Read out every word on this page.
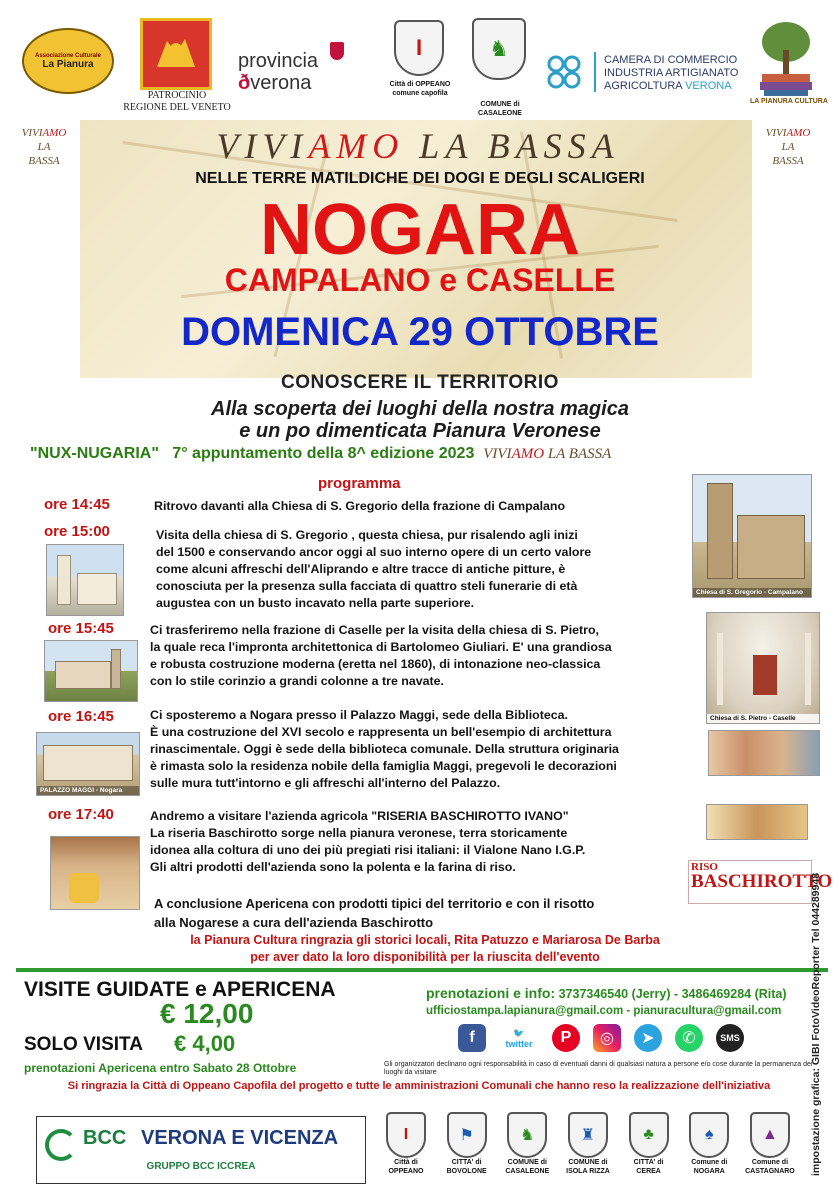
Associazione Culturale
La Pianura
PATROCINIO
REGIONE DEL VENETO
provincia
ðverona
I
Città di OPPEANO
comune capofila
♞
COMUNE di CASALEONE
CAMERA DI COMMERCIO
INDUSTRIA ARTIGIANATO
AGRICOLTURA VERONA
LA PIANURA CULTURA
VIVIAMO
LA
BASSA
VIVIAMO
LA
BASSA
VIVIAMO LA BASSA
NELLE TERRE MATILDICHE DEI DOGI E DEGLI SCALIGERI
NOGARA
CAMPALANO e CASELLE
DOMENICA 29 OTTOBRE
CONOSCERE IL TERRITORIO
Alla scoperta dei luoghi della nostra magica
e un po dimenticata Pianura Veronese
"NUX-NUGARIA" 7° appuntamento della 8^ edizione 2023 VIVIAMO LA BASSA
programma
ore 14:45	Ritrovo davanti alla Chiesa di S. Gregorio della frazione di Campalano
ore 15:00	Visita della chiesa di S. Gregorio , questa chiesa, pur risalendo agli inizi
del 1500 e conservando ancor oggi al suo interno opere di un certo valore
come alcuni affreschi dell'Aliprando e altre tracce di antiche pitture, è
conosciuta per la presenza sulla facciata di quattro steli funerarie di età
augustea con un busto incavato nella parte superiore.
ore 15:45	Ci trasferiremo nella frazione di Caselle per la visita della chiesa di S. Pietro,
la quale reca l'impronta architettonica di Bartolomeo Giuliari. E' una grandiosa
e robusta costruzione moderna (eretta nel 1860), di intonazione neo-classica
con lo stile corinzio a grandi colonne a tre navate.
ore 16:45	Ci sposteremo a Nogara presso il Palazzo Maggi, sede della Biblioteca.
È una costruzione del XVI secolo e rappresenta un bell'esempio di architettura
rinascimentale. Oggi è sede della biblioteca comunale. Della struttura originaria
è rimasta solo la residenza nobile della famiglia Maggi, pregevoli le decorazioni
sulle mura tutt'intorno e gli affreschi all'interno del Palazzo.
ore 17:40	Andremo a visitare l'azienda agricola "RISERIA BASCHIROTTO IVANO"
La riseria Baschirotto sorge nella pianura veronese, terra storicamente
idonea alla coltura di uno dei più pregiati risi italiani: il Vialone Nano I.G.P.
Gli altri prodotti dell'azienda sono la polenta e la farina di riso.
A conclusione Apericena con prodotti tipici del territorio e con il risotto
alla Nogarese a cura dell'azienda Baschirotto
Chiesa di S. Gregorio - Campalano
Chiesa di S. Pietro - Caselle
PALAZZO MAGGI - Nogara
RISO
BASCHIROTTO
la Pianura Cultura ringrazia gli storici locali, Rita Patuzzo e Mariarosa De Barba
per aver dato la loro disponibilità per la riuscita dell'evento
VISITE GUIDATE e APERICENA
€ 12,00
SOLO VISITA € 4,00
prenotazioni Apericena entro Sabato 28 Ottobre
prenotazioni e info: 3737346540 (Jerry) - 3486469284 (Rita)
ufficiostampa.lapianura@gmail.com - pianuracultura@gmail.com
f	🐦
twitter	P	◎	➤	✆	SMS
Gli organizzatori declinano ogni responsabilità in caso di eventuali danni di qualsiasi natura a persone e/o cose durante la permanenza dei luoghi da visitare
Si ringrazia la Città di Oppeano Capofila del progetto e tutte le amministrazioni Comunali che hanno reso la realizzazione dell'iniziativa
BCC VERONA E VICENZA
GRUPPO BCC ICCREA
I
Città di OPPEANO
⚑
CITTA' di BOVOLONE
♞
COMUNE di CASALEONE
♜
COMUNE di ISOLA RIZZA
♣
CITTA' di CEREA
♠
Comune di NOGARA
▲
Comune di CASTAGNARO	impostazione grafica: GIBI FotoVideoReporter Tel 044289948
